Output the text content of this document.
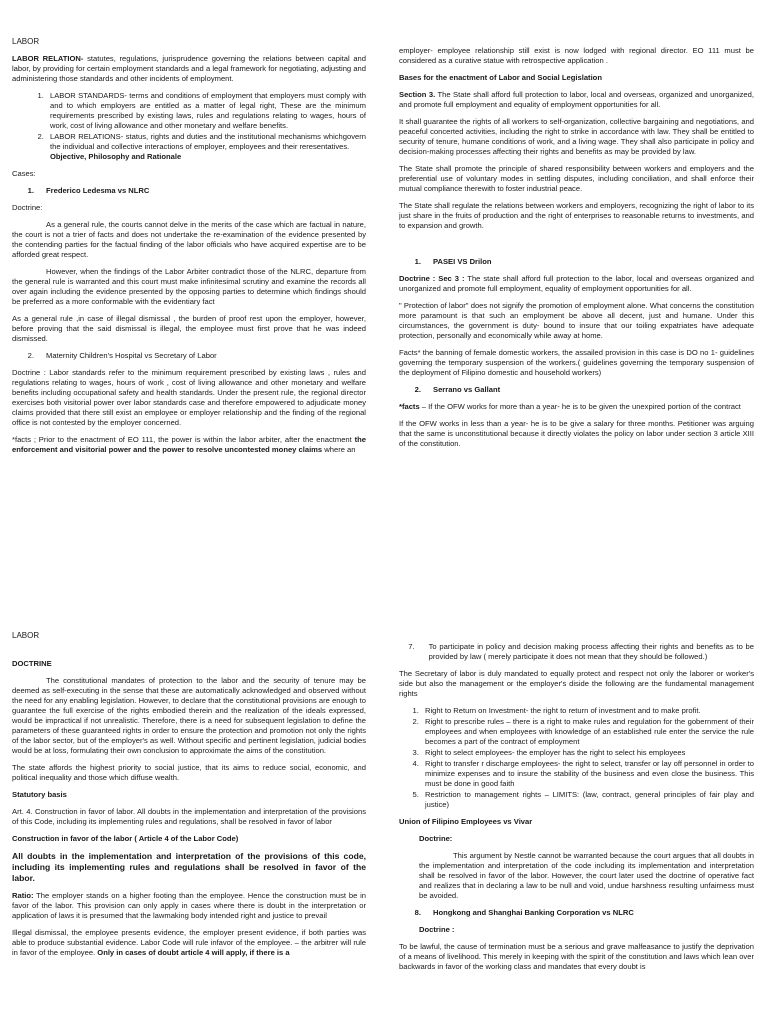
LABOR

LABOR RELATION- statutes, regulations, jurisprudence governing the relations between capital and labor, by providing for certain employment standards and a legal framework for negotiating, adjusting and administering those standards and other incidents of employment.

1. LABOR STANDARDS- terms and conditions of employment that employers must comply with and to which employers are entitled as a matter of legal right, These are the minimum requirements prescribed by existing laws, rules and regulations relating to wages, hours of work, cost of living allowance and other monetary and welfare benefits.
2. LABOR RELATIONS- status, rights and duties and the institutional mechanisms whichgovern the individual and collective interactions of employer, employees and their reresentatives.

Objective, Philosophy and Rationale

Cases:

1.	Frederico Ledesma vs NLRC

Doctrine:

As a general rule, the courts cannot delve in the merits of the case which are factual in nature, the court is not a trier of facts and does not undertake the re-examination of the evidence presented by the contending parties for the factual finding of the labor officials who have acquired expertise are to be afforded great respect.

However, when the findings of the Labor Arbiter contradict those of the NLRC, departure from the general rule is warranted and this court must make infinitesimal scrutiny and examine the records all over again including the evidence presented by the opposing parties to determine which findings should be preferred as a more conformable with the evidentiary fact

As a general rule ,in case of illegal dismissal , the burden of proof rest upon the employer, however, before proving that the said dismissal is illegal, the employee must first prove that he was indeed dismissed.

2.	Maternity Children's Hospital vs Secretary of Labor

Doctrine : Labor standards refer to the minimum requirement prescribed by existing laws , rules and regulations relating to wages, hours of work , cost of living allowance and other monetary and welfare benefits including occupational safety and health standards. Under the present rule, the regional director exercises both visitorial power over labor standards case and therefore empowered to adjudicate money claims provided that there still exist an employee or employer relationship and the finding of the regional office is not contested by the employer concerned.

*facts ; Prior to the enactment of EO 111, the power is within the labor arbiter, after the enactment the enforcement and visitorial power and the power to resolve uncontested money claims where an

employer- employee relationship still exist is now lodged with regional director. EO 111 must be considered as a curative statue with retrospective application .

Bases for the enactment of Labor and Social Legislation

Section 3. The State shall afford full protection to labor, local and overseas, organized and unorganized, and promote full employment and equality of employment opportunities for all.

It shall guarantee the rights of all workers to self-organization, collective bargaining and negotiations, and peaceful concerted activities, including the right to strike in accordance with law. They shall be entitled to security of tenure, humane conditions of work, and a living wage. They shall also participate in policy and decision-making processes affecting their rights and benefits as may be provided by law.

The State shall promote the principle of shared responsibility between workers and employers and the preferential use of voluntary modes in settling disputes, including conciliation, and shall enforce their mutual compliance therewith to foster industrial peace.

The State shall regulate the relations between workers and employers, recognizing the right of labor to its just share in the fruits of production and the right of enterprises to reasonable returns to investments, and to expansion and growth.

1.	PASEI VS Drilon

Doctrine : Sec 3 : The state shall afford full protection to the labor, local and overseas organized and unorganized and promote full employment, equality of employment opportunities for all.

" Protection of labor" does not signify the promotion of employment alone. What concerns the constitution more paramount is that such an employment be above all decent, just and humane. Under this circumstances, the government is duty- bound to insure that our toiling expatriates have adequate protection, personally and economically while away at home.

Facts* the banning of female domestic workers, the assailed provision in this case is DO no 1- guidelines governing the temporary suspension of the workers.( guidelines governing the temporary suspension of the deployment of Filipino domestic and household workers)

2.	Serrano vs Gallant

*facts – If the OFW works for more than a year- he is to be given the unexpired portion of the contract

If the OFW works in less than a year- he is to be give a salary for three months. Petitioner was arguing that the same is unconstitutional because it directly violates the policy on labor under section 3 article XIII of the constitution.

LABOR

DOCTRINE

The constitutional mandates of protection to the labor and the security of tenure may be deemed as self-executing in the sense that these are automatically acknowledged and observed without the need for any enabling legislation. However, to declare that the constitutional provisions are enough to guarantee the full exercise of the rights embodied therein and the realization of the ideals expressed, would be impractical if not unrealistic. Therefore, there is a need for subsequent legislation to define the parameters of these guaranteed rights in order to ensure the protection and promotion not only the rights of the labor sector, but of the employer's as well. Without specific and pertinent legislation, judicial bodies would be at loss, formulating their own conclusion to approximate the aims of the constitution.

The state affords the highest priority to social justice, that its aims to reduce social, economic, and political inequality and those which diffuse wealth.

Statutory basis

Art. 4. Construction in favor of labor. All doubts in the implementation and interpretation of the provisions of this Code, including its implementing rules and regulations, shall be resolved in favor of labor

Construction in favor of the labor ( Article 4 of the Labor Code)

All doubts in the implementation and interpretation of the provisions of this code, including its implementing rules and regulations shall be resolved in favor of the labor.

Ratio: The employer stands on a higher footing than the employee. Hence the construction must be in favor of the labor. This provision can only apply in cases where there is doubt in the interpretation or application of laws it is presumed that the lawmaking body intended right and justice to prevail

Illegal dismissal, the employee presents evidence, the employer present evidence, if both parties was able to produce substantial evidence. Labor Code will rule infavor of the employee. – the arbitrer will rule in favor of the employee. Only in cases of doubt article 4 will apply, if there is a

7.	To participate in policy and decision making process affecting their rights and benefits as to be provided by law ( merely participate it does not mean that they should be followed.)

The Secretary of labor is duly mandated to equally protect and respect not only the laborer or worker's side but also the management or the employer's diside the following are the fundamental management rights

1. Right to Return on Investment- the right to return of investment and to make profit.
2. Right to prescribe rules – there is a right to make rules and regulation for the gobernment of their employees and when employees with knowledge of an established rule enter the service the rule becomes a part of the contract of employment
3. Right to select employees- the employer has the right to select his employees
4. Right to transfer r discharge employees- the right to select, transfer or lay off personnel in order to minimize expenses and to insure the stability of the business and even close the business. This must be done in good faith
5. Restriction to management rights – LIMITS: (law, contract, general principles of fair play and justice)

Union of Filipino Employees vs Vivar

Doctrine:

This argument by Nestle cannot be warranted because the court argues that all doubts in the implementation and interpretation of the code including its implementation and interpretation shall be resolved in favor of the labor. However, the court later used the doctrine of operative fact and realizes that in declaring a law to be null and void, undue harshness resulting unfairness must be avoided.

8.	Hongkong and Shanghai Banking Corporation vs NLRC

Doctrine :

To be lawful, the cause of termination must be a serious and grave malfeasance to justify the deprivation of a means of livelihood. This merely in keeping with the spirit of the constitution and laws which lean over backwards in favor of the working class and mandates that every doubt is
